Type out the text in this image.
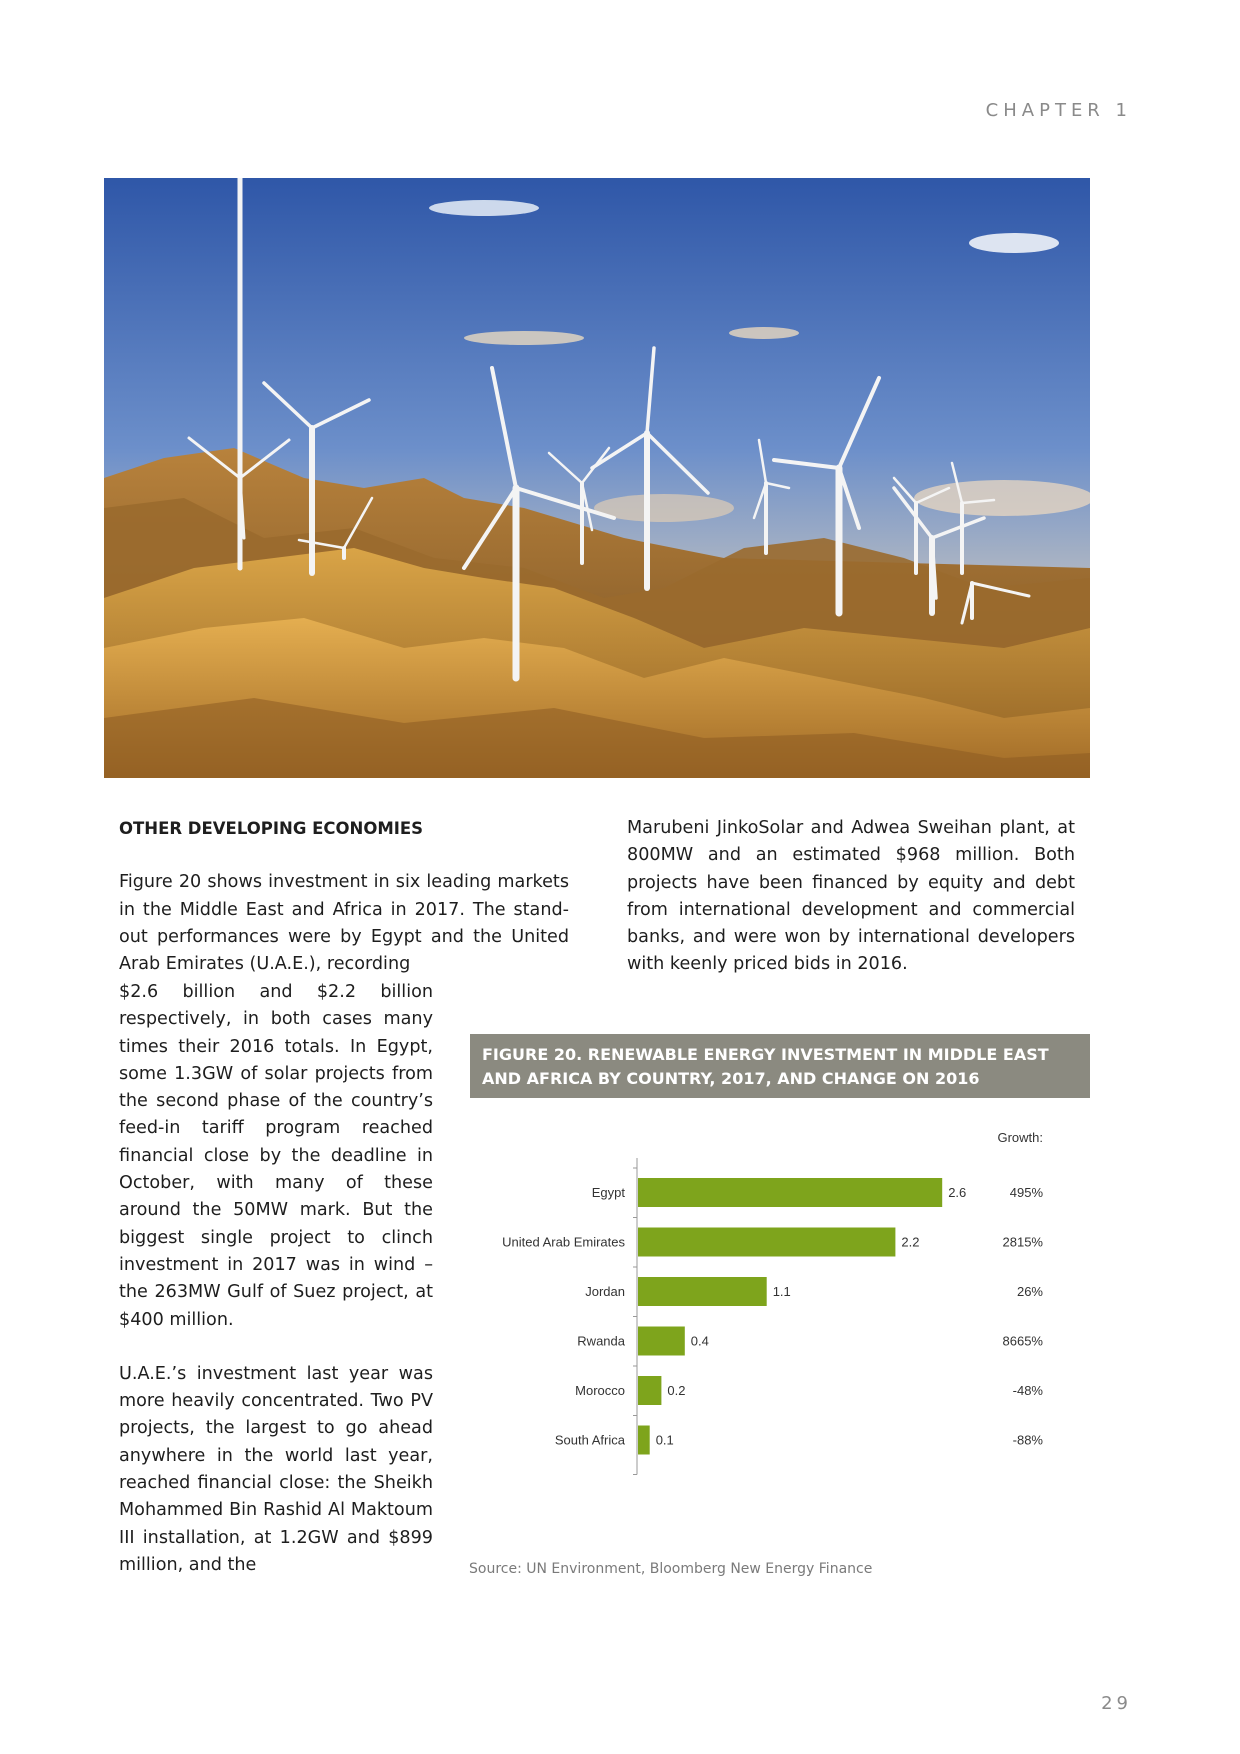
CHAPTER 1

OTHER DEVELOPING ECONOMIES

Figure 20 shows investment in six leading markets in the Middle East and Africa in 2017. The stand-out performances were by Egypt and the United Arab Emirates (U.A.E.), recording

$2.6 billion and $2.2 billion respectively, in both cases many times their 2016 totals. In Egypt, some 1.3GW of solar projects from the second phase of the country’s feed-in tariff program reached financial close by the deadline in October, with many of these around the 50MW mark. But the biggest single project to clinch investment in 2017 was in wind – the 263MW Gulf of Suez project, at $400 million.

U.A.E.’s investment last year was more heavily concentrated. Two PV projects, the largest to go ahead anywhere in the world last year, reached financial close: the Sheikh Mohammed Bin Rashid Al Maktoum III installation, at 1.2GW and $899 million, and the

Marubeni JinkoSolar and Adwea Sweihan plant, at 800MW and an estimated $968 million. Both projects have been financed by equity and debt from international development and commercial banks, and were won by international developers with keenly priced bids in 2016.

FIGURE 20. RENEWABLE ENERGY INVESTMENT IN MIDDLE EAST AND AFRICA BY COUNTRY, 2017, AND CHANGE ON 2016
Growth:
Egypt	2.6	495%
United Arab Emirates	2.2	2815%
Jordan	1.1	26%
Rwanda	0.4	8665%
Morocco	0.2	-48%
South Africa 0.1	-88%
Source: UN Environment, Bloomberg New Energy Finance
29
